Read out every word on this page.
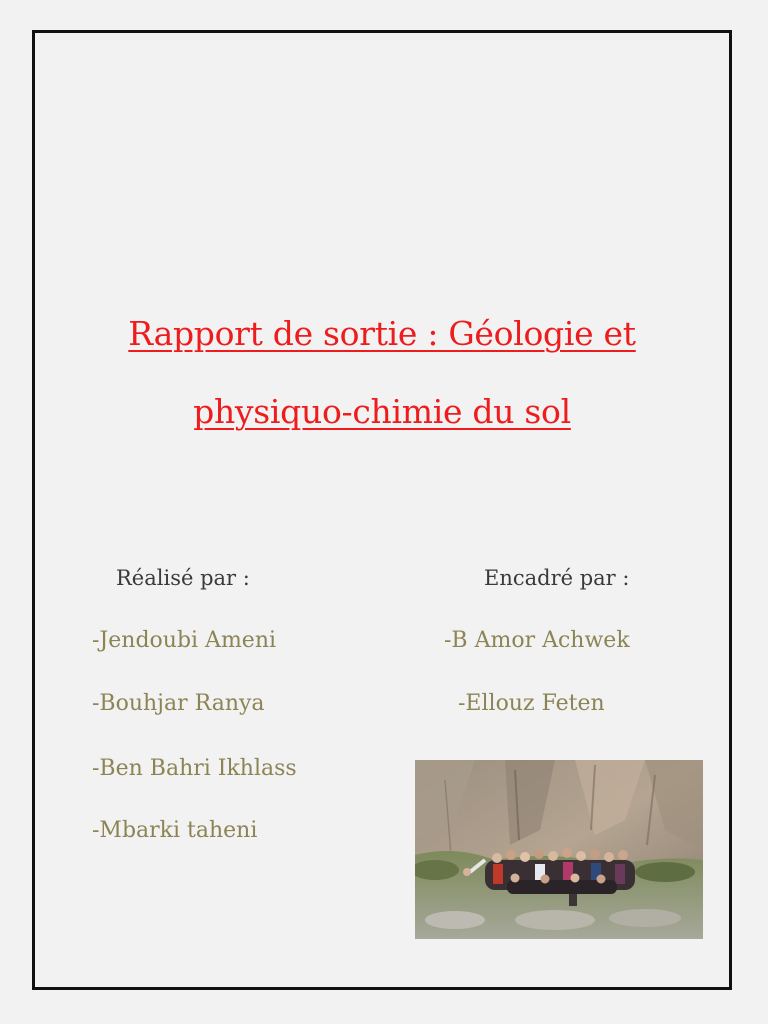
Rapport de sortie : Géologie et
physiquo-chimie du sol
Réalisé par :	Encadré par :
-Jendoubi Ameni
-Bouhjar Ranya
-Ben Bahri Ikhlass
-Mbarki taheni
-B Amor Achwek
-Ellouz Feten
